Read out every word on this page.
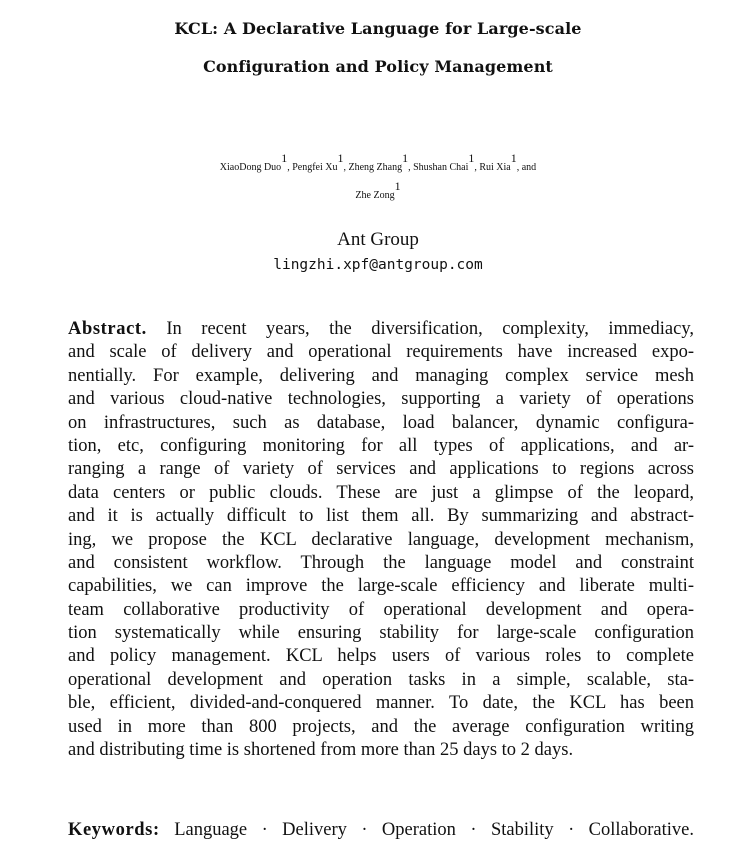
KCL: A Declarative Language for Large-scale
Configuration and Policy Management
XiaoDong Duo$^1$, Pengfei Xu$^1$, Zheng Zhang$^1$, Shushan Chai$^1$, Rui Xia$^1$, and
Zhe Zong$^1$
Ant Group
lingzhi.xpf@antgroup.com
Abstract. In recent years, the diversification, complexity, immediacy,
and scale of delivery and operational requirements have increased expo-
nentially. For example, delivering and managing complex service mesh
and various cloud-native technologies, supporting a variety of operations
on infrastructures, such as database, load balancer, dynamic configura-
tion, etc, configuring monitoring for all types of applications, and ar-
ranging a range of variety of services and applications to regions across
data centers or public clouds. These are just a glimpse of the leopard,
and it is actually difficult to list them all. By summarizing and abstract-
ing, we propose the KCL declarative language, development mechanism,
and consistent workflow. Through the language model and constraint
capabilities, we can improve the large-scale efficiency and liberate multi-
team collaborative productivity of operational development and opera-
tion systematically while ensuring stability for large-scale configuration
and policy management. KCL helps users of various roles to complete
operational development and operation tasks in a simple, scalable, sta-
ble, efficient, divided-and-conquered manner. To date, the KCL has been
used in more than 800 projects, and the average configuration writing
and distributing time is shortened from more than 25 days to 2 days.
Keywords: Language · Delivery · Operation · Stability · Collaborative.
